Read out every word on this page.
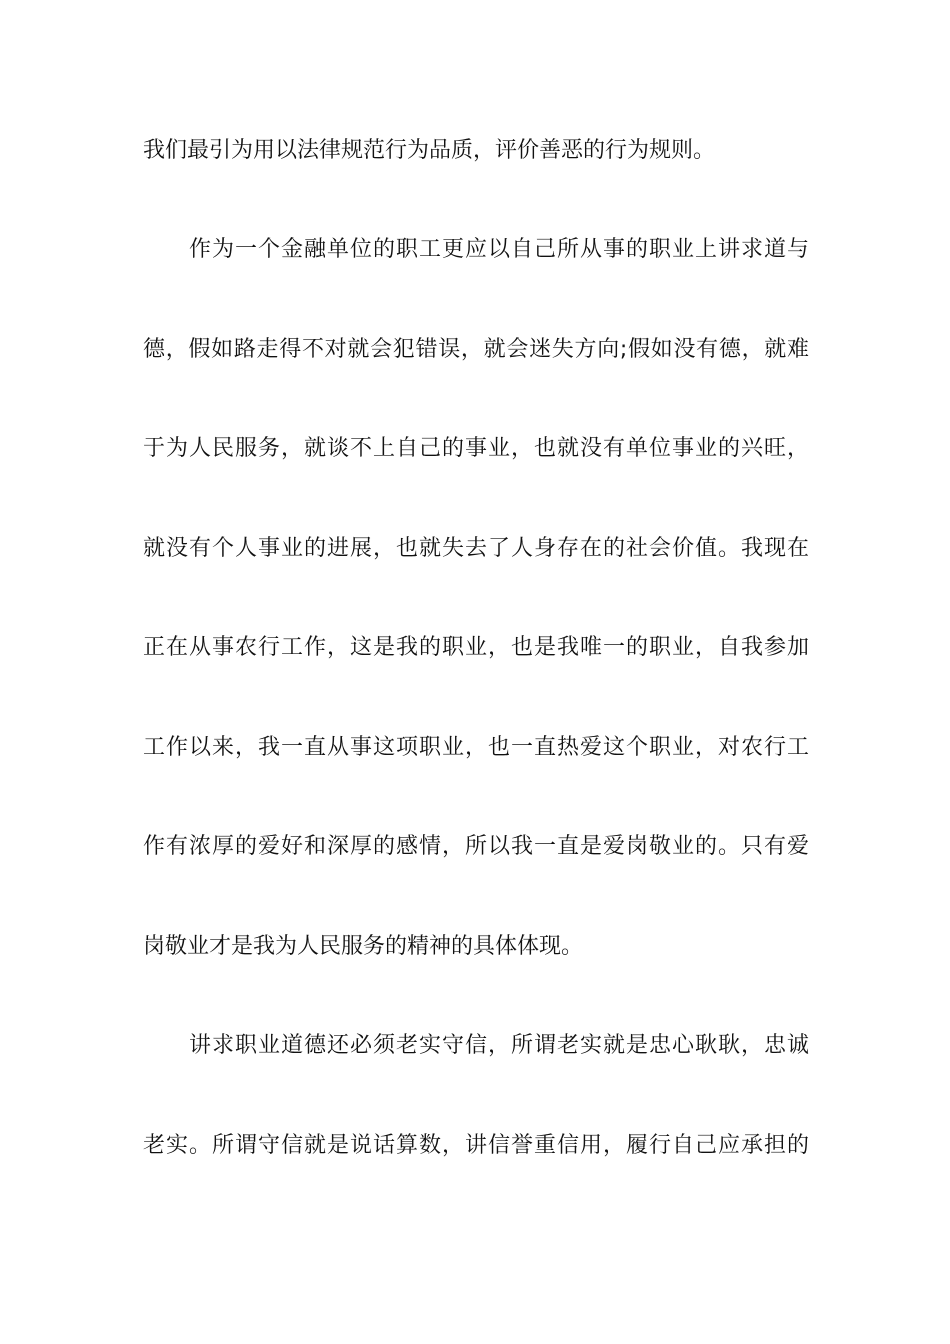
我们最引为用以法律规范行为品质，评价善恶的行为规则。
作为一个金融单位的职工更应以自己所从事的职业上讲求道与
德，假如路走得不对就会犯错误，就会迷失方向;假如没有德，就难
于为人民服务，就谈不上自己的事业，也就没有单位事业的兴旺，
就没有个人事业的进展，也就失去了人身存在的社会价值。我现在
正在从事农行工作，这是我的职业，也是我唯一的职业，自我参加
工作以来，我一直从事这项职业，也一直热爱这个职业，对农行工
作有浓厚的爱好和深厚的感情，所以我一直是爱岗敬业的。只有爱
岗敬业才是我为人民服务的精神的具体体现。
讲求职业道德还必须老实守信，所谓老实就是忠心耿耿，忠诚
老实。所谓守信就是说话算数，讲信誉重信用，履行自己应承担的
